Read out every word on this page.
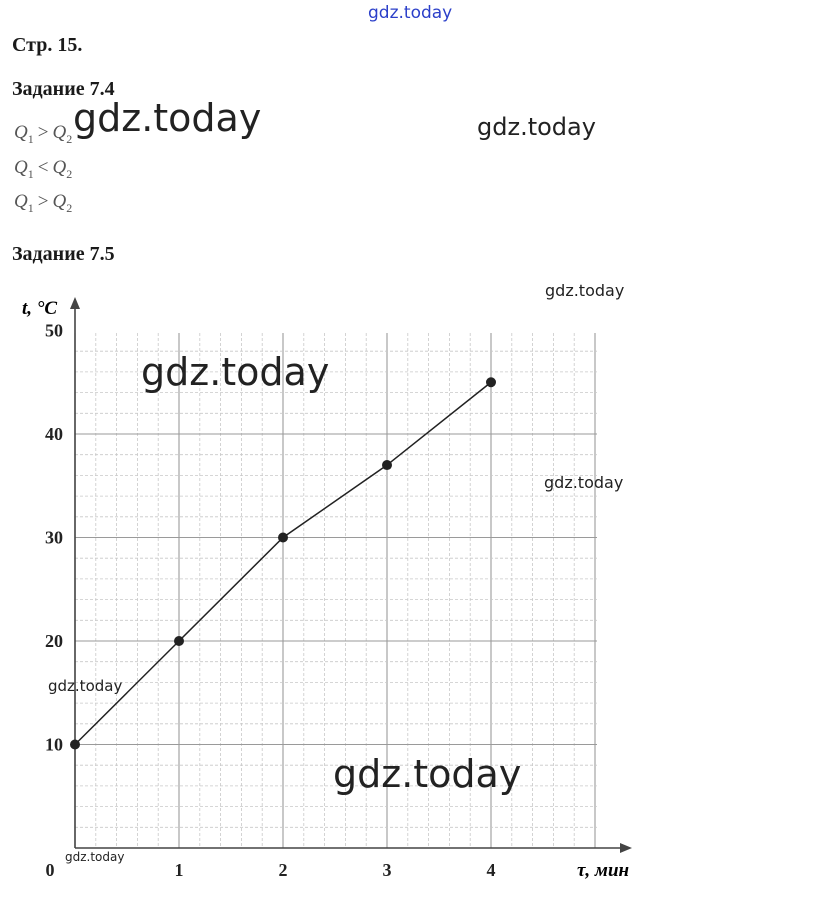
gdz.today
Стр. 15.
Задание 7.4
$Q_1 > Q_2$
$Q_1 < Q_2$
$Q_1 > Q_2$
gdz.today	gdz.today
Задание 7.5
0	1	2	3	4
10
20
30
40
50
t, °C
τ, мин
gdz.today
gdz.today
gdz.today
gdz.today
gdz.today
gdz.today
